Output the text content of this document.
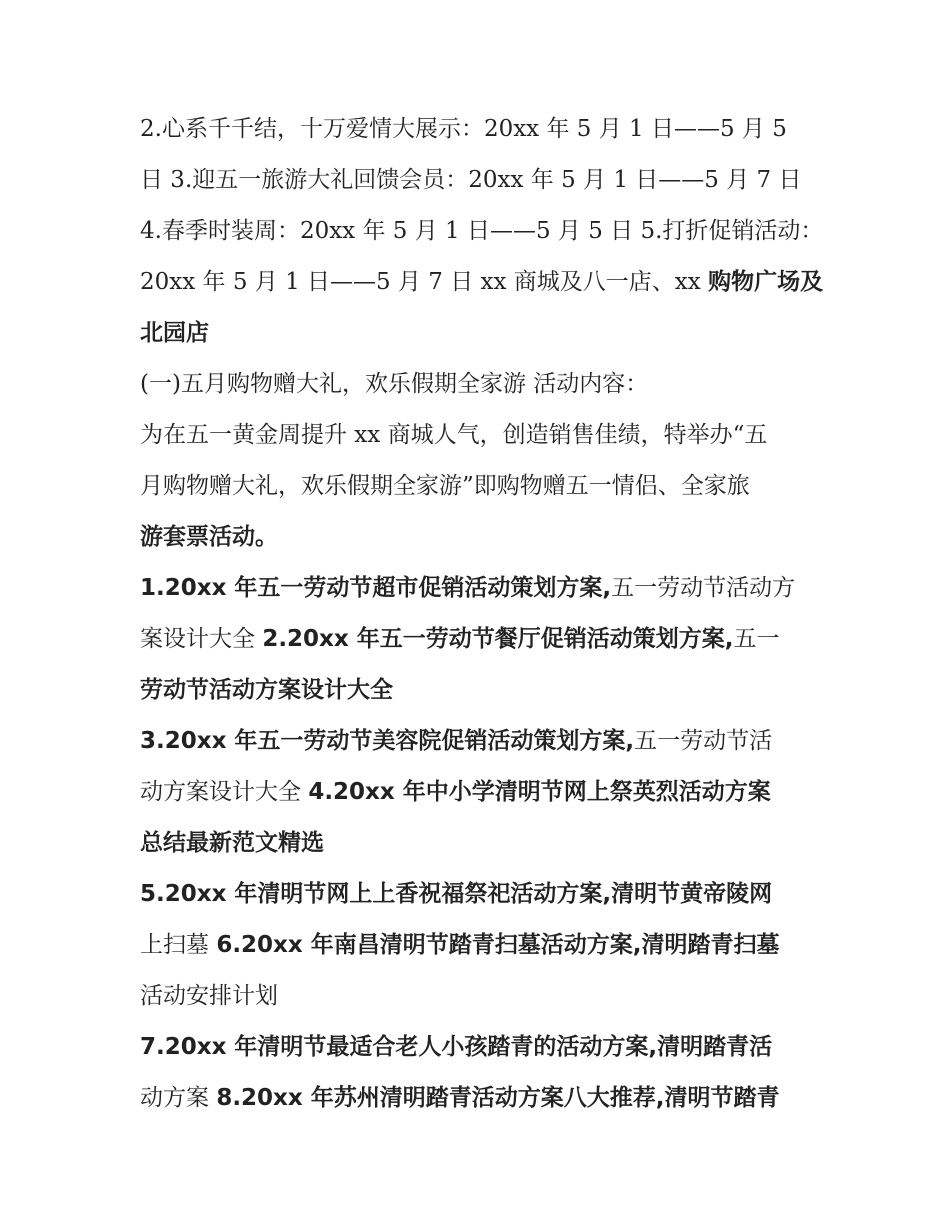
2.心系千千结，十万爱情大展示：20xx 年 5 月 1 日——5 月 5
日 3.迎五一旅游大礼回馈会员：20xx 年 5 月 1 日——5 月 7 日
4.春季时装周：20xx 年 5 月 1 日——5 月 5 日 5.打折促销活动：
20xx 年 5 月 1 日——5 月 7 日 xx 商城及八一店、xx 购物广场及
北园店
(一)五月购物赠大礼，欢乐假期全家游 活动内容：
为在五一黄金周提升 xx 商城人气，创造销售佳绩，特举办“五
月购物赠大礼，欢乐假期全家游”即购物赠五一情侣、全家旅
游套票活动。
1.20xx 年五一劳动节超市促销活动策划方案,五一劳动节活动方
案设计大全 2.20xx 年五一劳动节餐厅促销活动策划方案,五一
劳动节活动方案设计大全
3.20xx 年五一劳动节美容院促销活动策划方案,五一劳动节活
动方案设计大全 4.20xx 年中小学清明节网上祭英烈活动方案
总结最新范文精选
5.20xx 年清明节网上上香祝福祭祀活动方案,清明节黄帝陵网
上扫墓 6.20xx 年南昌清明节踏青扫墓活动方案,清明踏青扫墓
活动安排计划
7.20xx 年清明节最适合老人小孩踏青的活动方案,清明踏青活
动方案 8.20xx 年苏州清明踏青活动方案八大推荐,清明节踏青
